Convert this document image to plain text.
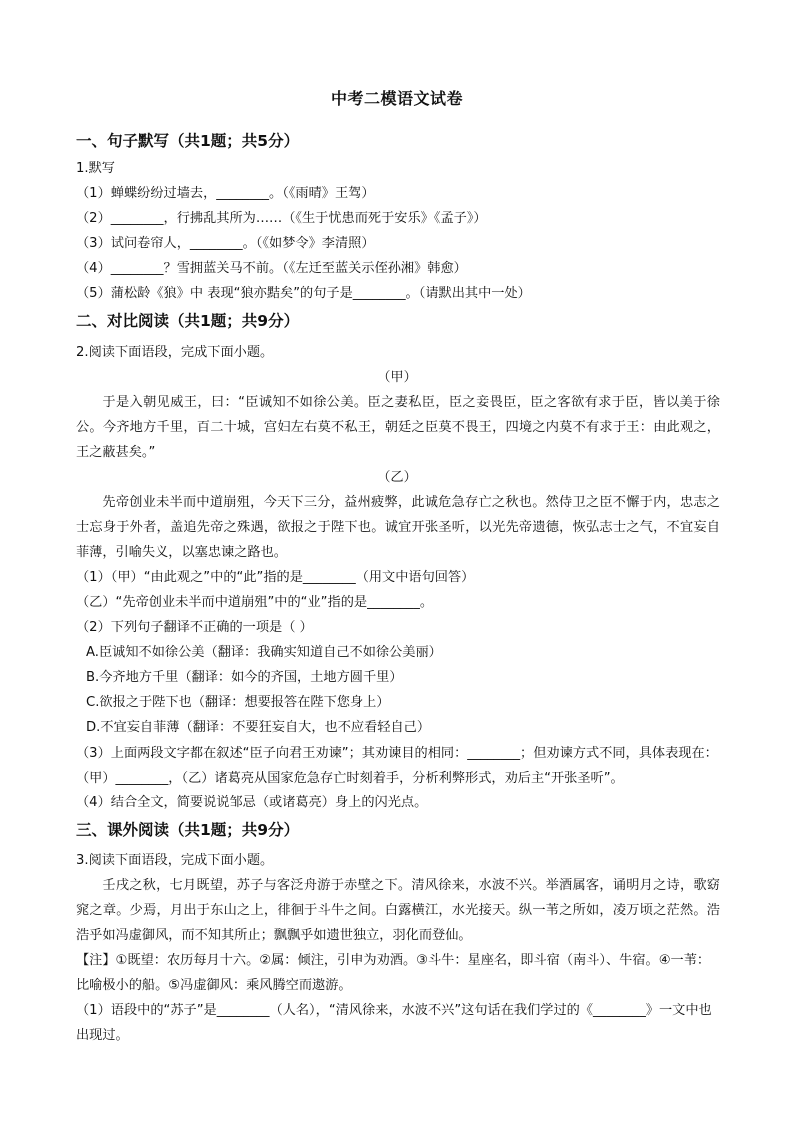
中考二模语文试卷
一、句子默写（共1题；共5分）
1.默写
（1）蝉蝶纷纷过墙去，________。（《雨晴》王驾）
（2）________，行拂乱其所为……（《生于忧患而死于安乐》《孟子》）
（3）试问卷帘人，________。（《如梦令》李清照）
（4）________？雪拥蓝关马不前。（《左迁至蓝关示侄孙湘》韩愈）
（5）蒲松龄《狼》中 表现“狼亦黠矣”的句子是________。（请默出其中一处）
二、对比阅读（共1题；共9分）
2.阅读下面语段，完成下面小题。
（甲）
于是入朝见威王，曰：“臣诚知不如徐公美。臣之妻私臣，臣之妾畏臣，臣之客欲有求于臣，皆以美于徐公。今齐地方千里，百二十城，宫妇左右莫不私王，朝廷之臣莫不畏王，四境之内莫不有求于王：由此观之，王之蔽甚矣。”
（乙）
先帝创业未半而中道崩殂，今天下三分，益州疲弊，此诚危急存亡之秋也。然侍卫之臣不懈于内，忠志之士忘身于外者，盖追先帝之殊遇，欲报之于陛下也。诚宜开张圣听，以光先帝遗德，恢弘志士之气，不宜妄自菲薄，引喻失义，以塞忠谏之路也。
（1）（甲）“由此观之”中的“此”指的是________（用文中语句回答）
（乙）“先帝创业未半而中道崩殂”中的“业”指的是________。
（2）下列句子翻译不正确的一项是（ ）
A.臣诚知不如徐公美（翻译：我确实知道自己不如徐公美丽）
B.今齐地方千里（翻译：如今的齐国，土地方圆千里）
C.欲报之于陛下也（翻译：想要报答在陛下您身上）
D.不宜妄自菲薄（翻译：不要狂妄自大，也不应看轻自己）
（3）上面两段文字都在叙述“臣子向君王劝谏”；其劝谏目的相同：________；但劝谏方式不同，具体表现在：（甲）________，（乙）诸葛亮从国家危急存亡时刻着手，分析利弊形式，劝后主“开张圣听”。
（4）结合全文，简要说说邹忌（或诸葛亮）身上的闪光点。
三、课外阅读（共1题；共9分）
3.阅读下面语段，完成下面小题。
壬戌之秋，七月既望，苏子与客泛舟游于赤壁之下。清风徐来，水波不兴。举酒属客，诵明月之诗，歌窈窕之章。少焉，月出于东山之上，徘徊于斗牛之间。白露横江，水光接天。纵一苇之所如，凌万顷之茫然。浩浩乎如冯虚御风，而不知其所止；飘飘乎如遗世独立，羽化而登仙。
【注】①既望：农历每月十六。②属：倾注，引申为劝酒。③斗牛：星座名，即斗宿（南斗）、牛宿。④一苇：比喻极小的船。⑤冯虚御风：乘风腾空而遨游。
（1）语段中的“苏子”是________（人名），“清风徐来，水波不兴”这句话在我们学过的《________》一文中也出现过。
